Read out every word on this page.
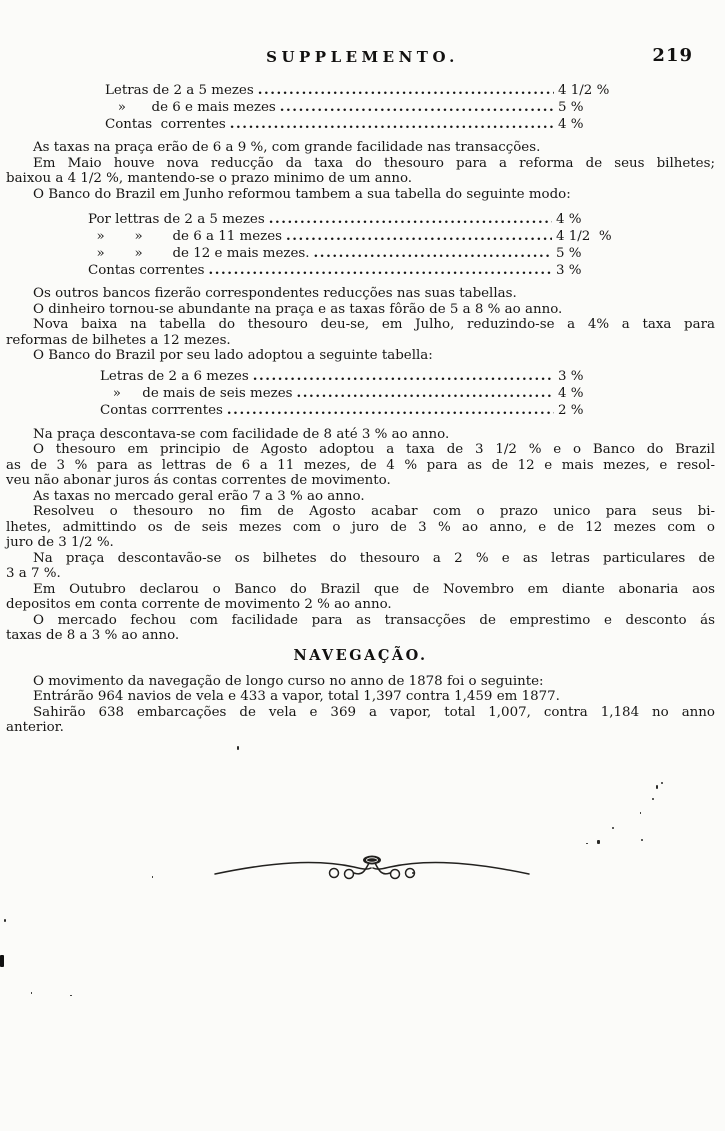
SUPPLEMENTO.	219
Letras de 2 a 5 mezes .....	4 1/2 %
»      de 6 e mais mezes .....	5 %
Contas  correntes .....	4 %
As taxas na praça erão de 6 a 9 %, com grande facilidade nas transacções.
Em Maio houve nova reducção da taxa do thesouro para a reforma de seus bilhetes;
baixou a 4 1/2 %, mantendo-se o prazo minimo de um anno.
O Banco do Brazil em Junho reformou tambem a sua tabella do seguinte modo:
Por lettras de 2 a 5 mezes .....	4 %
»       »       de 6 a 11 mezes .....	4 1/2  %
»       »       de 12 e mais mezes. .....	5 %
Contas correntes .....	3 %
Os outros bancos fizerão correspondentes reducções nas suas tabellas.
O dinheiro tornou-se abundante na praça e as taxas fôrão de 5 a 8 % ao anno.
Nova baixa na tabella do thesouro deu-se, em Julho, reduzindo-se a 4% a taxa para
reformas de bilhetes a 12 mezes.
O Banco do Brazil por seu lado adoptou a seguinte tabella:
Letras de 2 a 6 mezes .....	3 %
»     de mais de seis mezes .....	4 %
Contas corrrentes .....	2 %
Na praça descontava-se com facilidade de 8 até 3 % ao anno.
O thesouro em principio de Agosto adoptou a taxa de 3 1/2 % e o Banco do Brazil
as de 3 % para as lettras de 6 a 11 mezes, de 4 % para as de 12 e mais mezes, e resol-
veu não abonar juros ás contas correntes de movimento.
As taxas no mercado geral erão 7 a 3 % ao anno.
Resolveu o thesouro no fim de Agosto acabar com o prazo unico para seus bi-
lhetes, admittindo os de seis mezes com o juro de 3 % ao anno, e de 12 mezes com o
juro de 3 1/2 %.
Na praça descontavão-se os bilhetes do thesouro a 2 % e as letras particulares de
3 a 7 %.
Em Outubro declarou o Banco do Brazil que de Novembro em diante abonaria aos
depositos em conta corrente de movimento 2 % ao anno.
O mercado fechou com facilidade para as transacções de emprestimo e desconto ás
taxas de 8 a 3 % ao anno.
NAVEGAÇÃO.
O movimento da navegação de longo curso no anno de 1878 foi o seguinte:
Entrárão 964 navios de vela e 433 a vapor, total 1,397 contra 1,459 em 1877.
Sahirão 638 embarcações de vela e 369 a vapor, total 1,007, contra 1,184 no anno
anterior.
